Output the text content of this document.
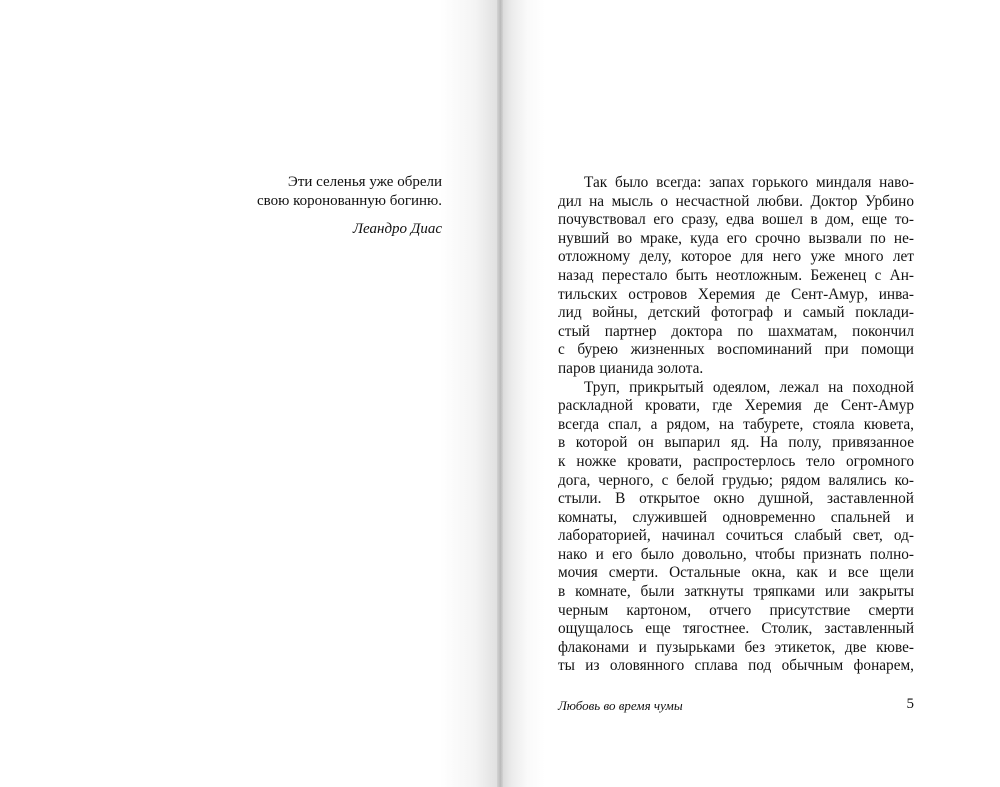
Эти селенья уже обрели
свою коронованную богиню.
Леандро Диас
Так было всегда: запах горького миндаля наво-
дил на мысль о несчастной любви. Доктор Урбино
почувствовал его сразу, едва вошел в дом, еще то-
нувший во мраке, куда его срочно вызвали по не-
отложному делу, которое для него уже много лет
назад перестало быть неотложным. Беженец с Ан-
тильских островов Херемия де Сент-Амур, инва-
лид войны, детский фотограф и самый поклади-
стый партнер доктора по шахматам, покончил
с бурею жизненных воспоминаний при помощи
паров цианида золота.
Труп, прикрытый одеялом, лежал на походной
раскладной кровати, где Херемия де Сент-Амур
всегда спал, а рядом, на табурете, стояла кювета,
в которой он выпарил яд. На полу, привязанное
к ножке кровати, распростерлось тело огромного
дога, черного, с белой грудью; рядом валялись ко-
стыли. В открытое окно душной, заставленной
комнаты, служившей одновременно спальней и
лабораторией, начинал сочиться слабый свет, од-
нако и его было довольно, чтобы признать полно-
мочия смерти. Остальные окна, как и все щели
в комнате, были заткнуты тряпками или закрыты
черным картоном, отчего присутствие смерти
ощущалось еще тягостнее. Столик, заставленный
флаконами и пузырьками без этикеток, две кюве-
ты из оловянного сплава под обычным фонарем,
Любовь во время чумы	5
